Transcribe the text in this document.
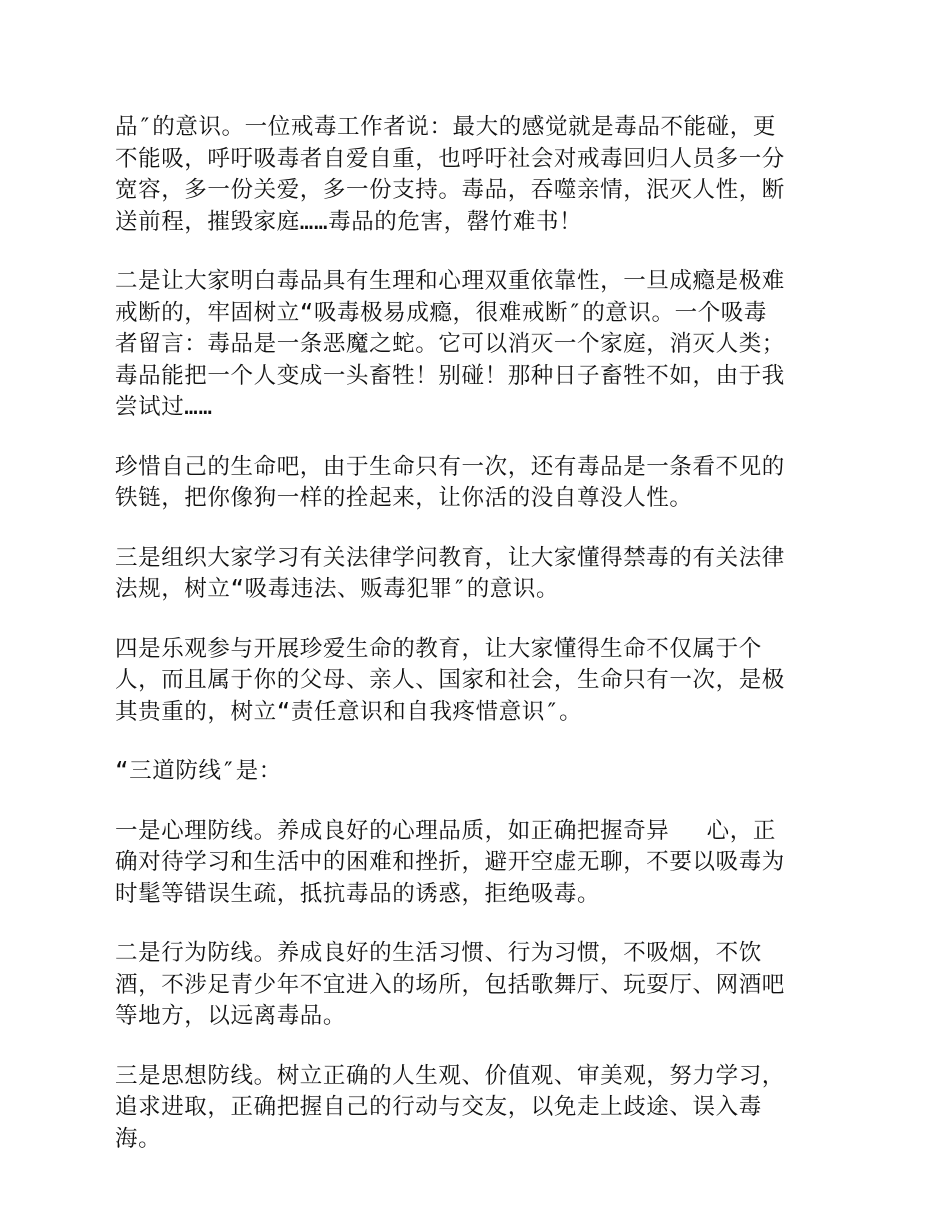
品″的意识。一位戒毒工作者说：最大的感觉就是毒品不能碰，更
不能吸，呼吁吸毒者自爱自重，也呼吁社会对戒毒回归人员多一分
宽容，多一份关爱，多一份支持。毒品，吞噬亲情，泯灭人性，断
送前程，摧毁家庭……毒品的危害，罄竹难书！
二是让大家明白毒品具有生理和心理双重依靠性，一旦成瘾是极难
戒断的，牢固树立“吸毒极易成瘾，很难戒断″的意识。一个吸毒
者留言：毒品是一条恶魔之蛇。它可以消灭一个家庭，消灭人类；
毒品能把一个人变成一头畜牲！别碰！那种日子畜牲不如，由于我
尝试过……
珍惜自己的生命吧，由于生命只有一次，还有毒品是一条看不见的
铁链，把你像狗一样的拴起来，让你活的没自尊没人性。
三是组织大家学习有关法律学问教育，让大家懂得禁毒的有关法律
法规，树立“吸毒违法、贩毒犯罪″的意识。
四是乐观参与开展珍爱生命的教育，让大家懂得生命不仅属于个
人，而且属于你的父母、亲人、国家和社会，生命只有一次，是极
其贵重的，树立“责任意识和自我疼惜意识″。
“三道防线″是：
一是心理防线。养成良好的心理品质，如正确把握奇异　 心，正
确对待学习和生活中的困难和挫折，避开空虚无聊，不要以吸毒为
时髦等错误生疏，抵抗毒品的诱惑，拒绝吸毒。
二是行为防线。养成良好的生活习惯、行为习惯，不吸烟，不饮
酒，不涉足青少年不宜进入的场所，包括歌舞厅、玩耍厅、网酒吧
等地方，以远离毒品。
三是思想防线。树立正确的人生观、价值观、审美观，努力学习，
追求进取，正确把握自己的行动与交友，以免走上歧途、误入毒
海。
